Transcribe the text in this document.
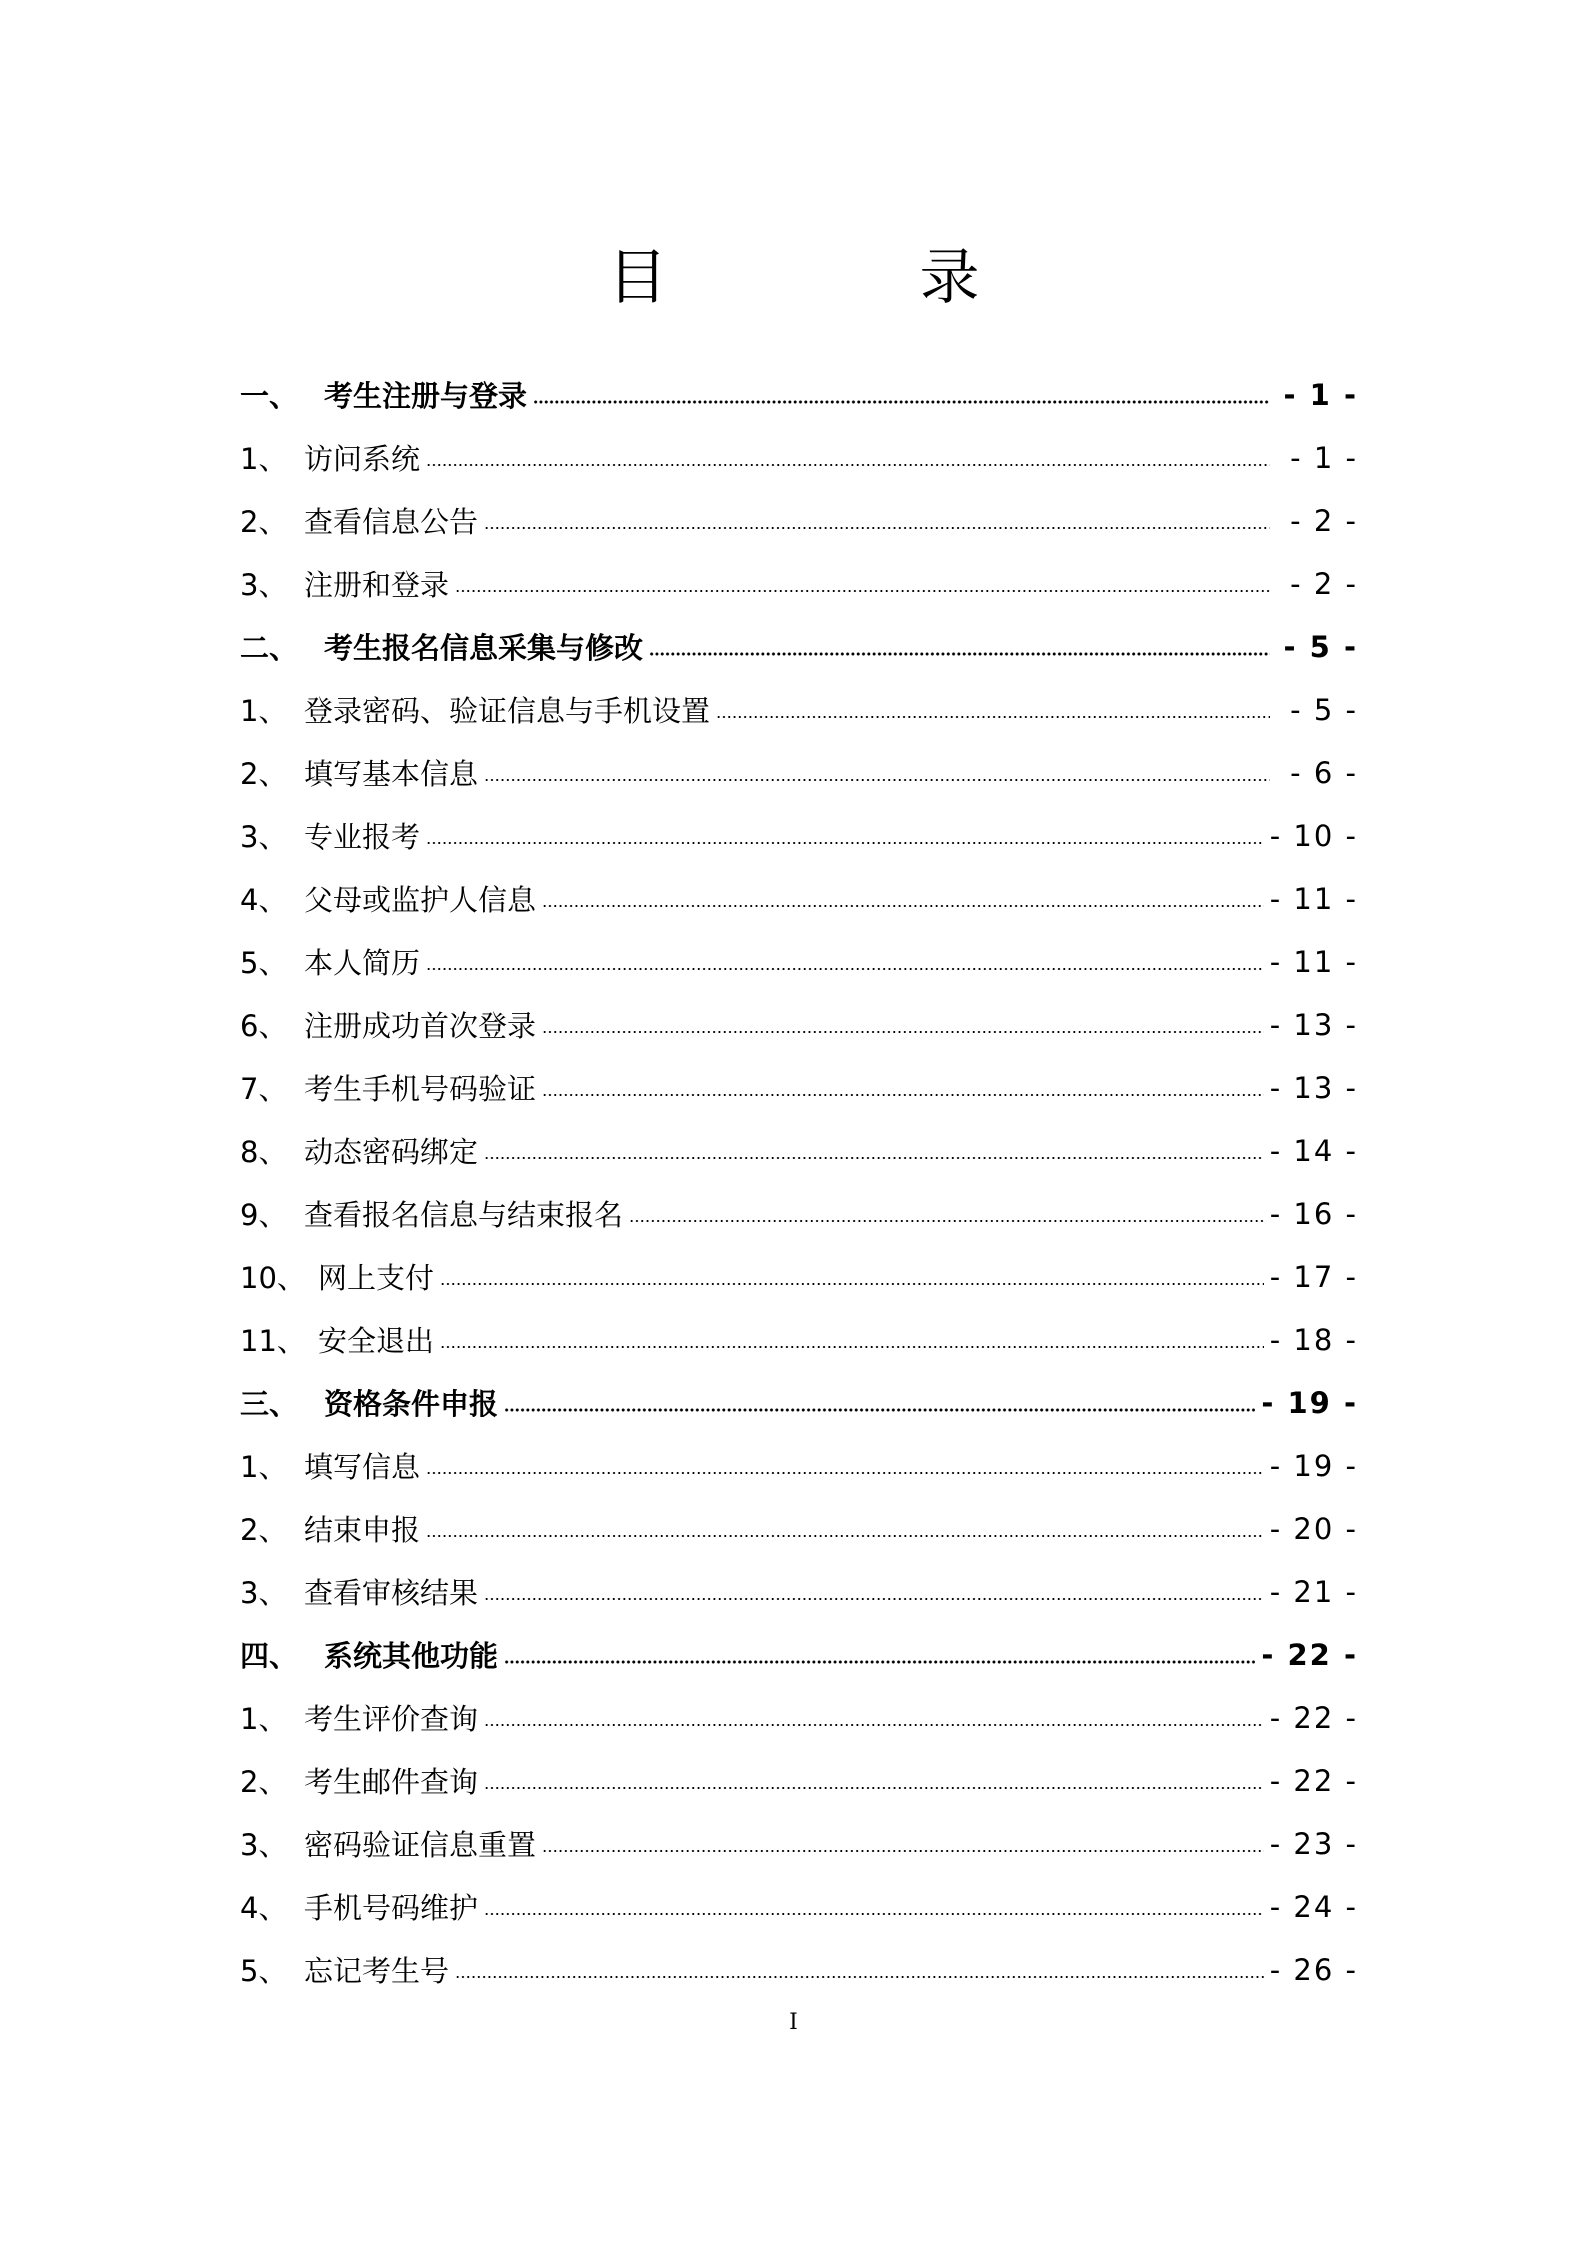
目　录
一、 考生注册与登录	- 1 -
1、 访问系统	- 1 -
2、 查看信息公告	- 2 -
3、 注册和登录	- 2 -
二、 考生报名信息采集与修改	- 5 -
1、 登录密码、验证信息与手机设置	- 5 -
2、 填写基本信息	- 6 -
3、 专业报考	- 10 -
4、 父母或监护人信息	- 11 -
5、 本人简历	- 11 -
6、 注册成功首次登录	- 13 -
7、 考生手机号码验证	- 13 -
8、 动态密码绑定	- 14 -
9、 查看报名信息与结束报名	- 16 -
10、 网上支付	- 17 -
11、 安全退出	- 18 -
三、 资格条件申报	- 19 -
1、 填写信息	- 19 -
2、 结束申报	- 20 -
3、 查看审核结果	- 21 -
四、 系统其他功能	- 22 -
1、 考生评价查询	- 22 -
2、 考生邮件查询	- 22 -
3、 密码验证信息重置	- 23 -
4、 手机号码维护	- 24 -
5、 忘记考生号	- 26 -
I
